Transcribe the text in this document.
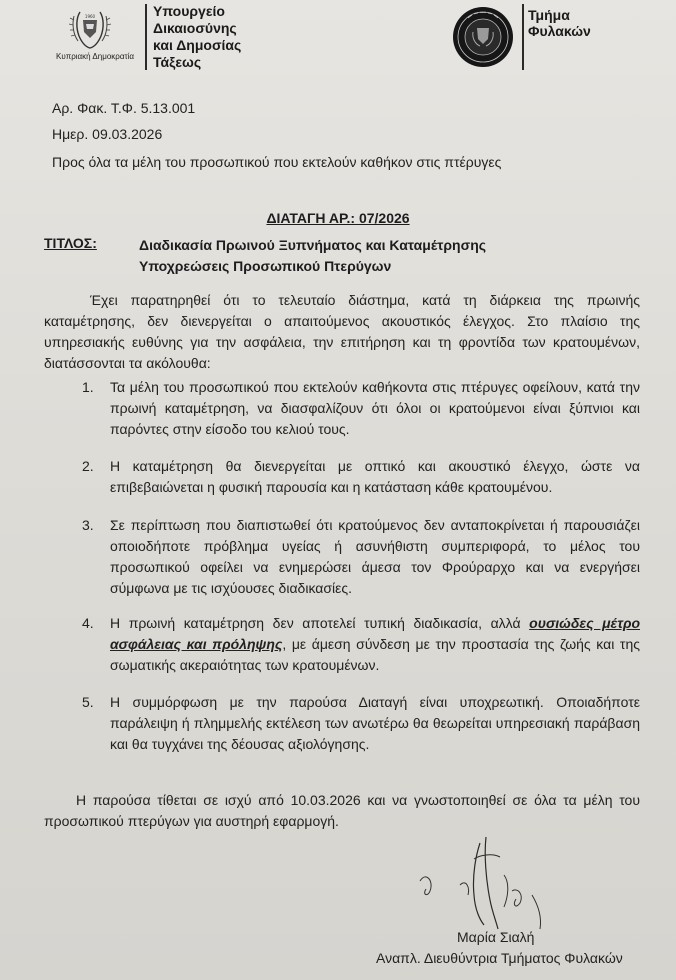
1960
Κυπριακή Δημοκρατία
Υπουργείο
Δικαιοσύνης
και Δημοσίας
Τάξεως
Τμήμα
Φυλακών
Αρ. Φακ. Τ.Φ. 5.13.001
Ημερ. 09.03.2026
Προς όλα τα μέλη του προσωπικού που εκτελούν καθήκον στις πτέρυγες
ΔΙΑΤΑΓΗ ΑΡ.: 07/2026
ΤΙΤΛΟΣ:	Διαδικασία Πρωινού Ξυπνήματος και Καταμέτρησης Υποχρεώσεις Προσωπικού Πτερύγων
Έχει παρατηρηθεί ότι το τελευταίο διάστημα, κατά τη διάρκεια της πρωινής καταμέτρησης, δεν διενεργείται ο απαιτούμενος ακουστικός έλεγχος. Στο πλαίσιο της υπηρεσιακής ευθύνης για την ασφάλεια, την επιτήρηση και τη φροντίδα των κρατουμένων, διατάσσονται τα ακόλουθα:
1. Τα μέλη του προσωπικού που εκτελούν καθήκοντα στις πτέρυγες οφείλουν, κατά την πρωινή καταμέτρηση, να διασφαλίζουν ότι όλοι οι κρατούμενοι είναι ξύπνιοι και παρόντες στην είσοδο του κελιού τους.
2. Η καταμέτρηση θα διενεργείται με οπτικό και ακουστικό έλεγχο, ώστε να επιβεβαιώνεται η φυσική παρουσία και η κατάσταση κάθε κρατουμένου.
3. Σε περίπτωση που διαπιστωθεί ότι κρατούμενος δεν ανταποκρίνεται ή παρουσιάζει οποιοδήποτε πρόβλημα υγείας ή ασυνήθιστη συμπεριφορά, το μέλος του προσωπικού οφείλει να ενημερώσει άμεσα τον Φρούραρχο και να ενεργήσει σύμφωνα με τις ισχύουσες διαδικασίες.
4. Η πρωινή καταμέτρηση δεν αποτελεί τυπική διαδικασία, αλλά ουσιώδες μέτρο ασφάλειας και πρόληψης, με άμεση σύνδεση με την προστασία της ζωής και της σωματικής ακεραιότητας των κρατουμένων.
5. Η συμμόρφωση με την παρούσα Διαταγή είναι υποχρεωτική. Οποιαδήποτε παράλειψη ή πλημμελής εκτέλεση των ανωτέρω θα θεωρείται υπηρεσιακή παράβαση και θα τυγχάνει της δέουσας αξιολόγησης.
Η παρούσα τίθεται σε ισχύ από 10.03.2026 και να γνωστοποιηθεί σε όλα τα μέλη του προσωπικού πτερύγων για αυστηρή εφαρμογή.
Μαρία Σιαλή
Αναπλ. Διευθύντρια Τμήματος Φυλακών
